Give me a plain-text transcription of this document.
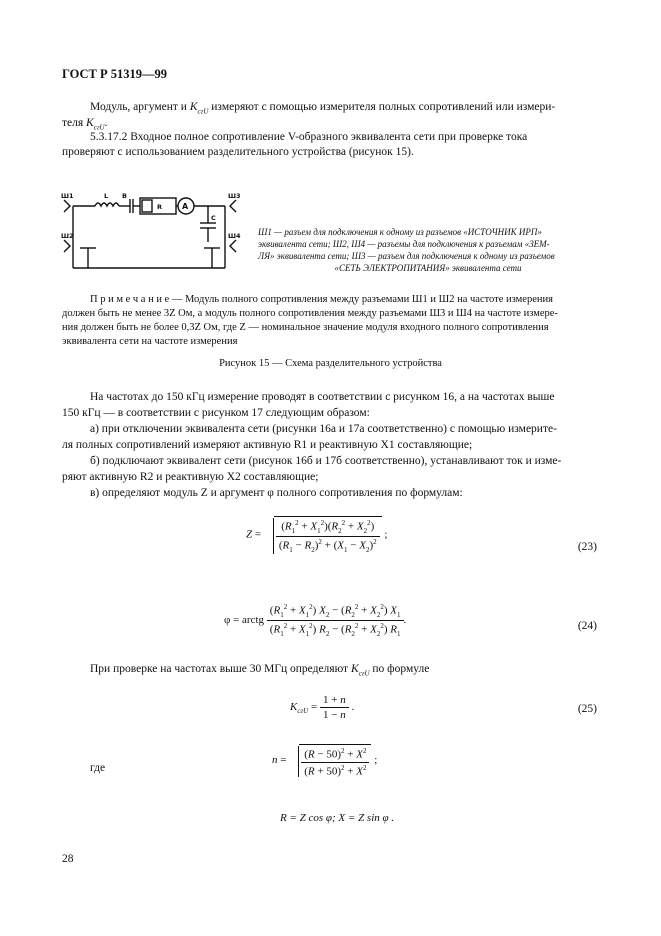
ГОСТ Р 51319—99
Модуль, аргумент и $K_{сгU}$ измеряют с помощью измерителя полных сопротивлений или измери-
теля $K_{сгU}$.
5.3.17.2 Входное полное сопротивление V-образного эквивалента сети при проверке тока
проверяют с использованием разделительного устройства (рисунок 15).
Ш1
Ш2
Ш3
Ш4
L B
R A
C
Ш1 — разъем для подключения к одному из разъемов «ИСТОЧНИК ИРП»
эквивалента сети; Ш2, Ш4 — разъемы для подключения к разъемам «ЗЕМ-
ЛЯ» эквивалента сети; Ш3 — разъем для подключения к одному из разъемов
«СЕТЬ ЭЛЕКТРОПИТАНИЯ» эквивалента сети
П р и м е ч а н и е — Модуль полного сопротивления между разъемами Ш1 и Ш2 на частоте измерения
должен быть не менее 3Z Ом, а модуль полного сопротивления между разъемами Ш3 и Ш4 на частоте измере-
ния должен быть не более 0,3Z Ом, где Z — номинальное значение модуля входного полного сопротивления
эквивалента сети на частоте измерения
Рисунок 15 — Схема разделительного устройства
На частотах до 150 кГц измерение проводят в соответствии с рисунком 16, а на частотах выше
150 кГц — в соответствии с рисунком 17 следующим образом:
а) при отключении эквивалента сети (рисунки 16а и 17а соответственно) с помощью измерите-
ля полных сопротивлений измеряют активную R1 и реактивную X1 составляющие;
б) подключают эквивалент сети (рисунок 16б и 17б соответственно), устанавливают ток и изме-
ряют активную R2 и реактивную X2 составляющие;
в) определяют модуль Z и аргумент φ полного сопротивления по формулам:
$Z = \frac{(R_1^2 + X_1^2)(R_2^2 + X_2^2)}{(R_1 - R_2)^2 + (X_1 - X_2)^2}$ ;
(23)
φ = arctg $\frac{(R_1^2 + X_1^2) X_2 - (R_2^2 + X_2^2) X_1}{(R_1^2 + X_1^2) R_2 - (R_2^2 + X_2^2) R_1}$ .
(24)
При проверке на частотах выше 30 МГц определяют $K_{сгU}$ по формуле
$K_{сгU} = \frac{1 + n}{1 - n}$ .	(25)
где
$n = \frac{(R - 50)^2 + X^2}{(R + 50)^2 + X^2}$ ;
R = Z cos φ; X = Z sin φ .
28
